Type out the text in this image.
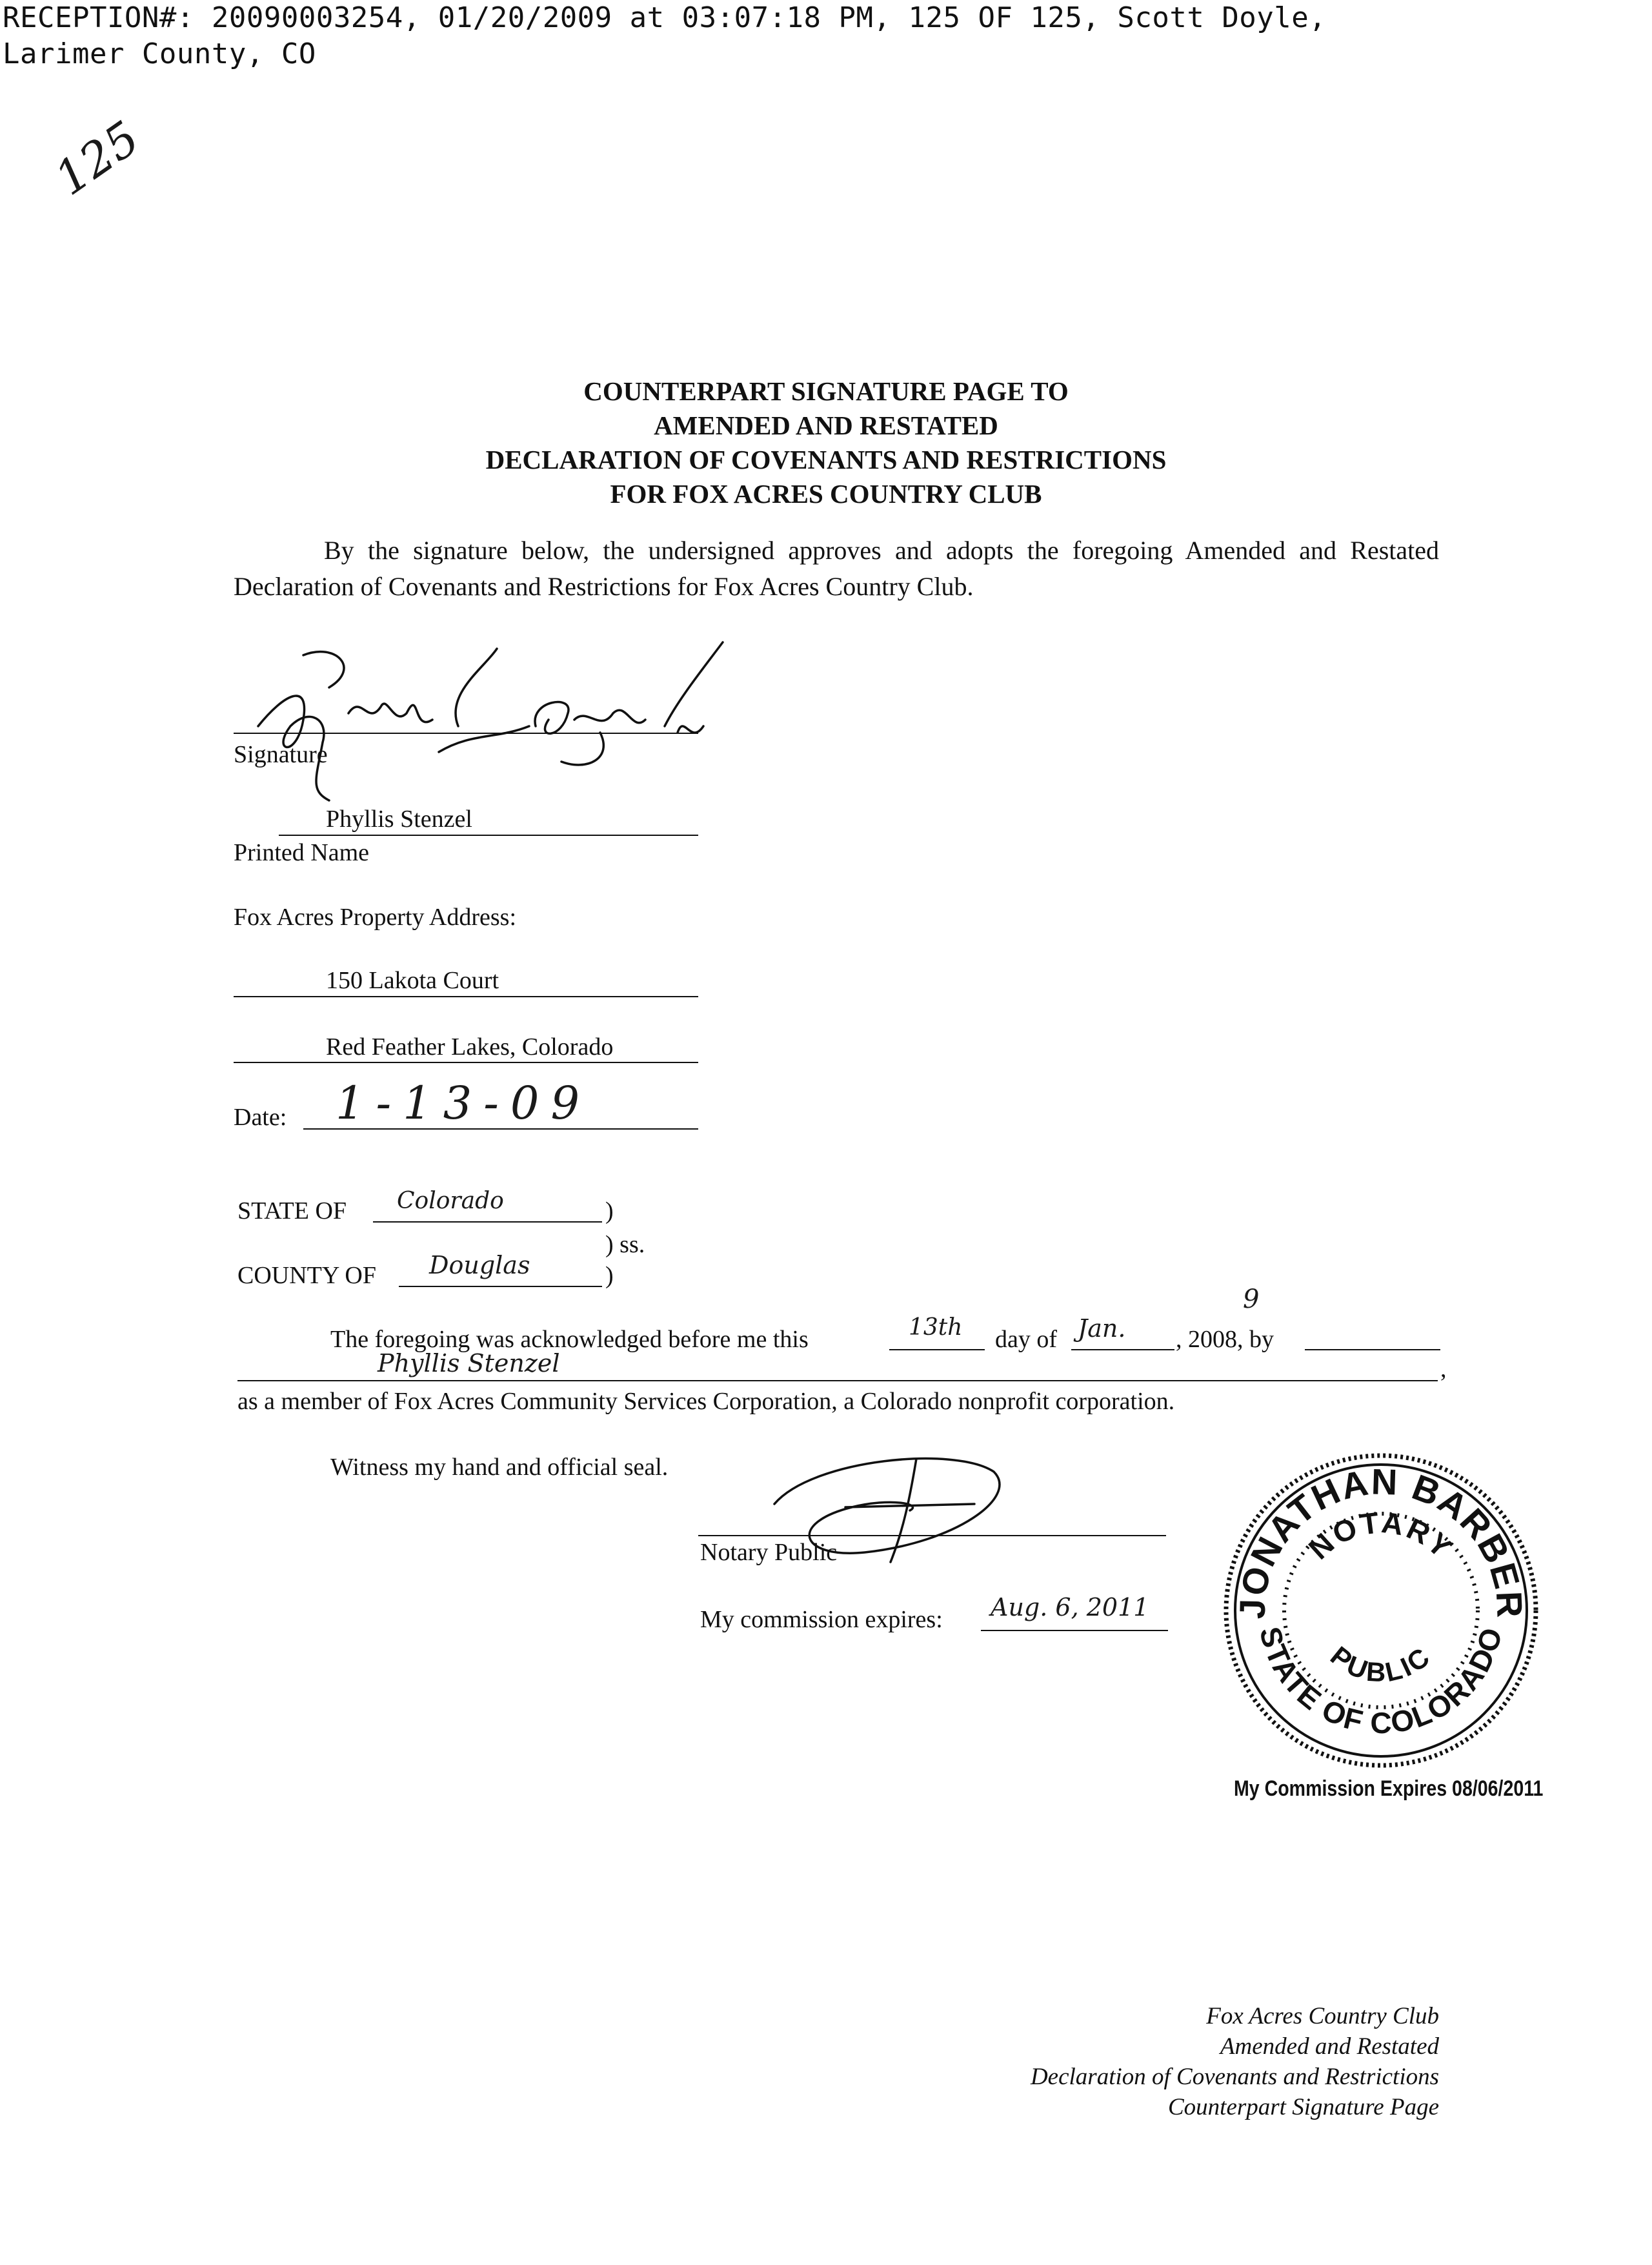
RECEPTION#: 20090003254, 01/20/2009 at 03:07:18 PM, 125 OF 125, Scott Doyle,
Larimer County, CO
125
COUNTERPART SIGNATURE PAGE TO
AMENDED AND RESTATED
DECLARATION OF COVENANTS AND RESTRICTIONS
FOR FOX ACRES COUNTRY CLUB

By the signature below, the undersigned approves and adopts the foregoing Amended and Restated Declaration of Covenants and Restrictions for Fox Acres Country Club.

Signature
Phyllis Stenzel
Printed Name
Fox Acres Property Address:
150 Lakota Court
Red Feather Lakes, Colorado
Date: 1-13-09
STATE OF Colorado	)
) ss.
COUNTY OF Douglas	)
The foregoing was acknowledged before me this	13th day of Jan. , 2008, by
9
Phyllis Stenzel	,
as a member of Fox Acres Community Services Corporation, a Colorado nonprofit corporation.
Witness my hand and official seal.
Notary Public
My commission expires: Aug. 6, 2011 JONATHAN BARBER
NOTARY
STATE OF COLORADO
PUBLIC
My Commission Expires 08/06/2011
Fox Acres Country Club
Amended and Restated
Declaration of Covenants and Restrictions
Counterpart Signature Page
